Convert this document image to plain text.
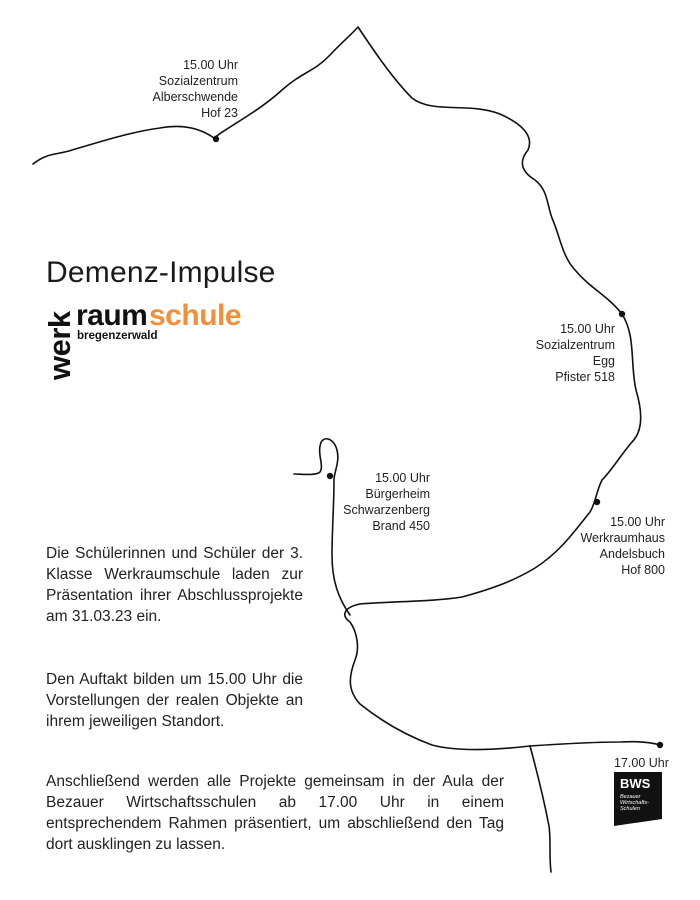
15.00 Uhr
Sozialzentrum
Alberschwende
Hof 23
15.00 Uhr
Sozialzentrum
Egg
Pfister 518
15.00 Uhr
Bürgerheim
Schwarzenberg
Brand 450	15.00 Uhr
Werkraumhaus
Andelsbuch
Hof 800
Demenz-Impulse
werk raum schule
bregenzerwald

Die Schülerinnen und Schüler der 3. Klasse Werkraumschule laden zur Präsentation ihrer Abschlussprojekte am 31.03.23 ein.

Den Auftakt bilden um 15.00 Uhr die Vorstellungen der realen Objekte an ihrem jeweiligen Standort.

Anschließend werden alle Projekte gemeinsam in der Aula der Bezauer Wirtschaftsschulen ab 17.00 Uhr in einem entsprechendem Rahmen präsentiert, um abschließend den Tag dort ausklingen zu lassen.

17.00 Uhr
BWS
Bezauer Wirtschafts-Schulen
